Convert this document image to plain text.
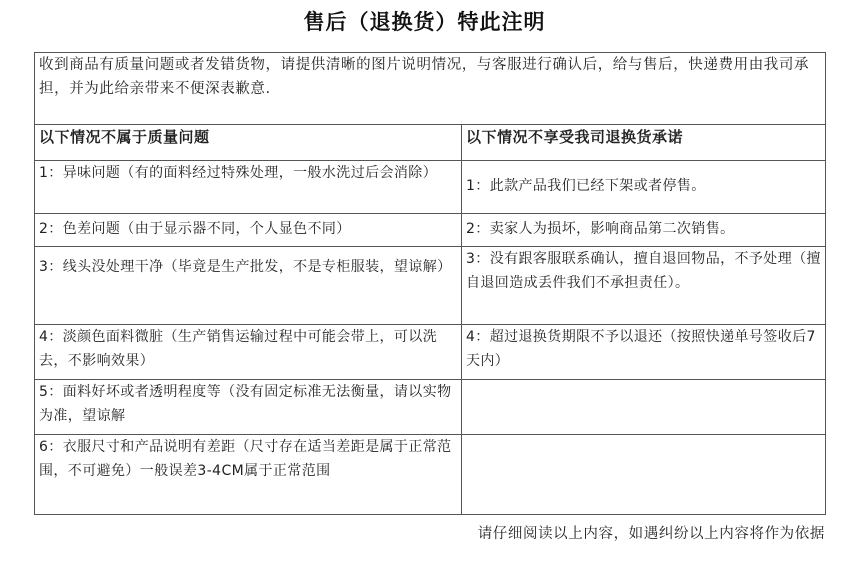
售后（退换货）特此注明
收到商品有质量问题或者发错货物，请提供清晰的图片说明情况，与客服进行确认后，给与售后，快递费用由我司承担，并为此给亲带来不便深表歉意.	
以下情况不属于质量问题	以下情况不享受我司退换货承诺
1：异味问题（有的面料经过特殊处理，一般水洗过后会消除）	1：此款产品我们已经下架或者停售。
2：色差问题（由于显示器不同，个人显色不同）	2：卖家人为损坏，影响商品第二次销售。
3：线头没处理干净（毕竟是生产批发，不是专柜服装，望谅解）	3：没有跟客服联系确认，擅自退回物品，不予处理（擅自退回造成丢件我们不承担责任）。
4：淡颜色面料微脏（生产销售运输过程中可能会带上，可以洗去，不影响效果）	4：超过退换货期限不予以退还（按照快递单号签收后7天内）
5：面料好坏或者透明程度等（没有固定标准无法衡量，请以实物为准，望谅解	
6：衣服尺寸和产品说明有差距（尺寸存在适当差距是属于正常范围，不可避免）一般误差3-4CM属于正常范围	
请仔细阅读以上内容，如遇纠纷以上内容将作为依据
